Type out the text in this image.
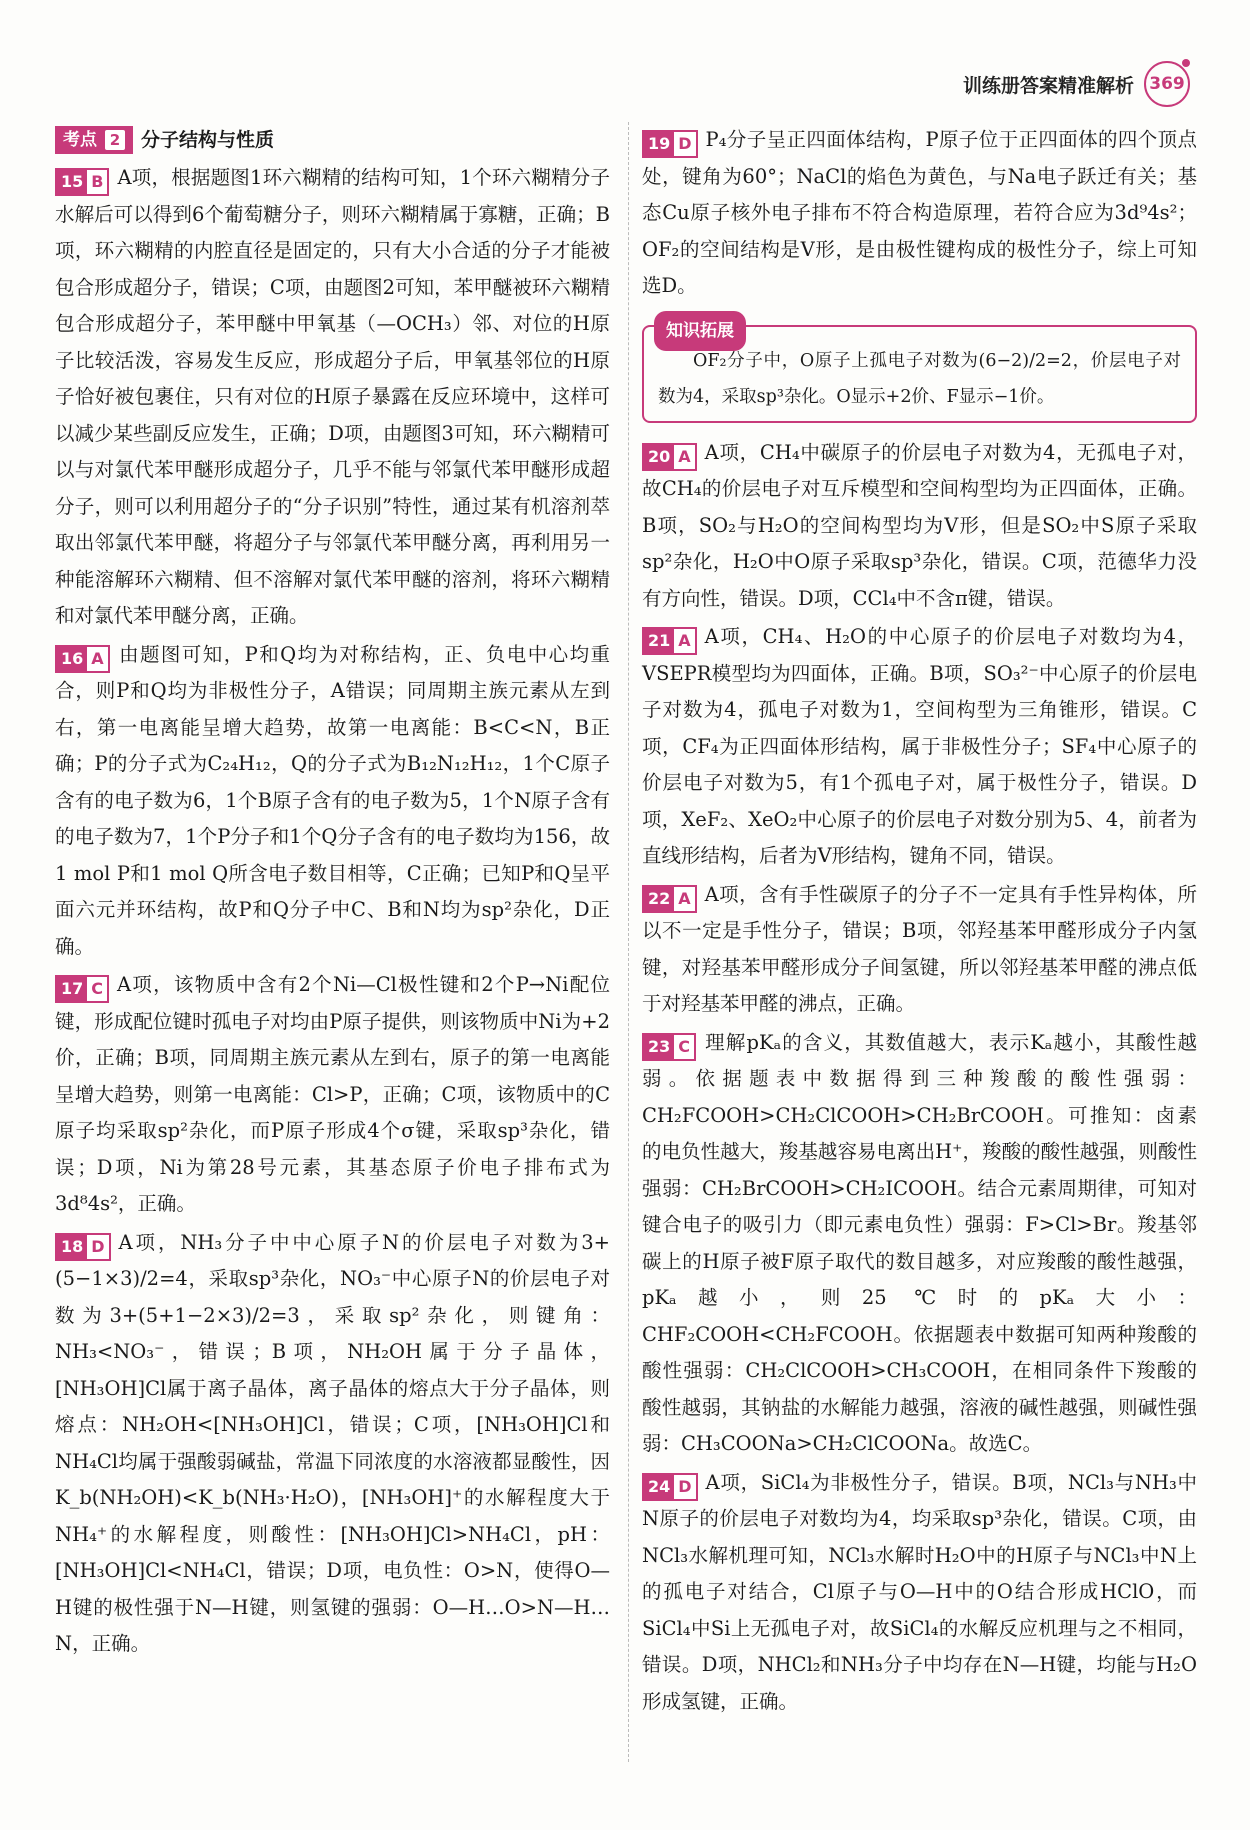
训练册答案精准解析 369
考点 2 分子结构与性质
15 B A项，根据题图1环六糊精的结构可知，1个环六糊精分子水解后可以得到6个葡萄糖分子，则环六糊精属于寡糖，正确；B项，环六糊精的内腔直径是固定的，只有大小合适的分子才能被包合形成超分子，错误；C项，由题图2可知，苯甲醚被环六糊精包合形成超分子，苯甲醚中甲氧基（—OCH₃）邻、对位的H原子比较活泼，容易发生反应，形成超分子后，甲氧基邻位的H原子恰好被包裹住，只有对位的H原子暴露在反应环境中，这样可以减少某些副反应发生，正确；D项，由题图3可知，环六糊精可以与对氯代苯甲醚形成超分子，几乎不能与邻氯代苯甲醚形成超分子，则可以利用超分子的“分子识别”特性，通过某有机溶剂萃取出邻氯代苯甲醚，将超分子与邻氯代苯甲醚分离，再利用另一种能溶解环六糊精、但不溶解对氯代苯甲醚的溶剂，将环六糊精和对氯代苯甲醚分离，正确。
16 A 由题图可知，P和Q均为对称结构，正、负电中心均重合，则P和Q均为非极性分子，A错误；同周期主族元素从左到右，第一电离能呈增大趋势，故第一电离能：B<C<N，B正确；P的分子式为C₂₄H₁₂，Q的分子式为B₁₂N₁₂H₁₂，1个C原子含有的电子数为6，1个B原子含有的电子数为5，1个N原子含有的电子数为7，1个P分子和1个Q分子含有的电子数均为156，故1 mol P和1 mol Q所含电子数目相等，C正确；已知P和Q呈平面六元并环结构，故P和Q分子中C、B和N均为sp²杂化，D正确。
17 C A项，该物质中含有2个Ni—Cl极性键和2个P→Ni配位键，形成配位键时孤电子对均由P原子提供，则该物质中Ni为+2价，正确；B项，同周期主族元素从左到右，原子的第一电离能呈增大趋势，则第一电离能：Cl>P，正确；C项，该物质中的C原子均采取sp²杂化，而P原子形成4个σ键，采取sp³杂化，错误；D项，Ni为第28号元素，其基态原子价电子排布式为3d⁸4s²，正确。
18 D A项，NH₃分子中中心原子N的价层电子对数为3+(5−1×3)/2=4，采取sp³杂化，NO₃⁻中心原子N的价层电子对数为3+(5+1−2×3)/2=3，采取sp²杂化，则键角：NH₃<NO₃⁻，错误；B项，NH₂OH属于分子晶体，[NH₃OH]Cl属于离子晶体，离子晶体的熔点大于分子晶体，则熔点：NH₂OH<[NH₃OH]Cl，错误；C项，[NH₃OH]Cl和NH₄Cl均属于强酸弱碱盐，常温下同浓度的水溶液都显酸性，因K_b(NH₂OH)<K_b(NH₃·H₂O)，[NH₃OH]⁺的水解程度大于NH₄⁺的水解程度，则酸性：[NH₃OH]Cl>NH₄Cl，pH：[NH₃OH]Cl<NH₄Cl，错误；D项，电负性：O>N，使得O—H键的极性强于N—H键，则氢键的强弱：O—H…O>N—H…N，正确。
19 D P₄分子呈正四面体结构，P原子位于正四面体的四个顶点处，键角为60°；NaCl的焰色为黄色，与Na电子跃迁有关；基态Cu原子核外电子排布不符合构造原理，若符合应为3d⁹4s²；OF₂的空间结构是V形，是由极性键构成的极性分子，综上可知选D。
知识拓展
OF₂分子中，O原子上孤电子对数为(6−2)/2=2，价层电子对数为4，采取sp³杂化。O显示+2价、F显示−1价。
20 A A项，CH₄中碳原子的价层电子对数为4，无孤电子对，故CH₄的价层电子对互斥模型和空间构型均为正四面体，正确。B项，SO₂与H₂O的空间构型均为V形，但是SO₂中S原子采取sp²杂化，H₂O中O原子采取sp³杂化，错误。C项，范德华力没有方向性，错误。D项，CCl₄中不含π键，错误。
21 A A项，CH₄、H₂O的中心原子的价层电子对数均为4，VSEPR模型均为四面体，正确。B项，SO₃²⁻中心原子的价层电子对数为4，孤电子对数为1，空间构型为三角锥形，错误。C项，CF₄为正四面体形结构，属于非极性分子；SF₄中心原子的价层电子对数为5，有1个孤电子对，属于极性分子，错误。D项，XeF₂、XeO₂中心原子的价层电子对数分别为5、4，前者为直线形结构，后者为V形结构，键角不同，错误。
22 A A项，含有手性碳原子的分子不一定具有手性异构体，所以不一定是手性分子，错误；B项，邻羟基苯甲醛形成分子内氢键，对羟基苯甲醛形成分子间氢键，所以邻羟基苯甲醛的沸点低于对羟基苯甲醛的沸点，正确。
23 C 理解pKₐ的含义，其数值越大，表示Kₐ越小，其酸性越弱。依据题表中数据得到三种羧酸的酸性强弱：CH₂FCOOH>CH₂ClCOOH>CH₂BrCOOH。可推知：卤素的电负性越大，羧基越容易电离出H⁺，羧酸的酸性越强，则酸性强弱：CH₂BrCOOH>CH₂ICOOH。结合元素周期律，可知对键合电子的吸引力（即元素电负性）强弱：F>Cl>Br。羧基邻碳上的H原子被F原子取代的数目越多，对应羧酸的酸性越强，pKₐ越小，则25 ℃时的pKₐ大小：CHF₂COOH<CH₂FCOOH。依据题表中数据可知两种羧酸的酸性强弱：CH₂ClCOOH>CH₃COOH，在相同条件下羧酸的酸性越弱，其钠盐的水解能力越强，溶液的碱性越强，则碱性强弱：CH₃COONa>CH₂ClCOONa。故选C。
24 D A项，SiCl₄为非极性分子，错误。B项，NCl₃与NH₃中N原子的价层电子对数均为4，均采取sp³杂化，错误。C项，由NCl₃水解机理可知，NCl₃水解时H₂O中的H原子与NCl₃中N上的孤电子对结合，Cl原子与O—H中的O结合形成HClO，而SiCl₄中Si上无孤电子对，故SiCl₄的水解反应机理与之不相同，错误。D项，NHCl₂和NH₃分子中均存在N—H键，均能与H₂O形成氢键，正确。
